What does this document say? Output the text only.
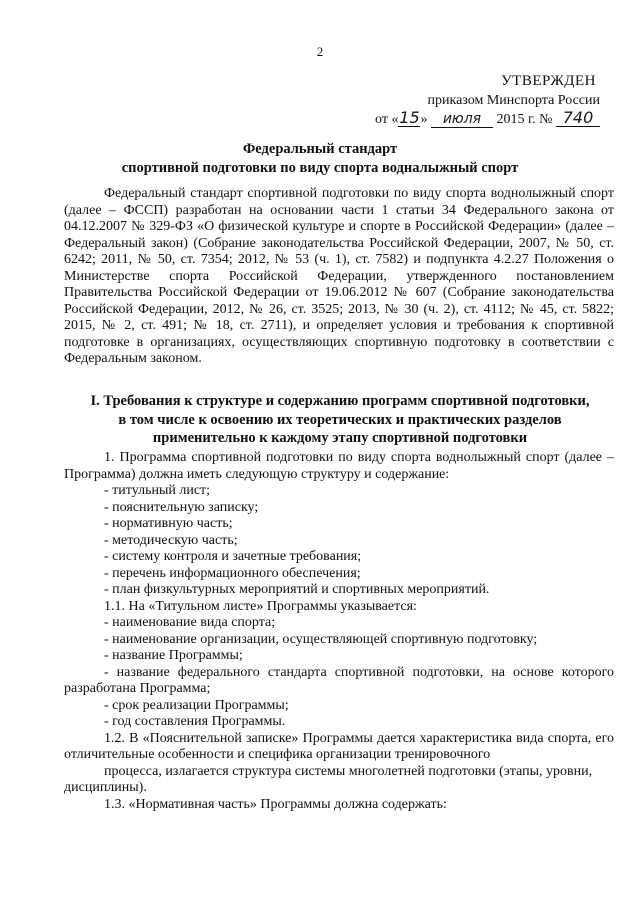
2
УТВЕРЖДЕН
приказом Минспорта России
от «15» июля 2015 г. № 740
Федеральный стандарт
спортивной подготовки по виду спорта водналыжный спорт
Федеральный стандарт спортивной подготовки по виду спорта воднолыжный спорт (далее – ФССП) разработан на основании части 1 статьи 34 Федерального закона от 04.12.2007 № 329-ФЗ «О физической культуре и спорте в Российской Федерации» (далее – Федеральный закон) (Собрание законодательства Российской Федерации, 2007, № 50, ст. 6242; 2011, № 50, ст. 7354; 2012, № 53 (ч. 1), ст. 7582) и подпункта 4.2.27 Положения о Министерстве спорта Российской Федерации, утвержденного постановлением Правительства Российской Федерации от 19.06.2012 № 607 (Собрание законодательства Российской Федерации, 2012, № 26, ст. 3525; 2013, № 30 (ч. 2), ст. 4112; № 45, ст. 5822; 2015, № 2, ст. 491; № 18, ст. 2711), и определяет условия и требования к спортивной подготовке в организациях, осуществляющих спортивную подготовку в соответствии с Федеральным законом.
I. Требования к структуре и содержанию программ спортивной подготовки,
в том числе к освоению их теоретических и практических разделов
применительно к каждому этапу спортивной подготовки
1. Программа спортивной подготовки по виду спорта воднолыжный спорт (далее – Программа) должна иметь следующую структуру и содержание:
- титульный лист;
- пояснительную записку;
- нормативную часть;
- методическую часть;
- систему контроля и зачетные требования;
- перечень информационного обеспечения;
- план физкультурных мероприятий и спортивных мероприятий.
1.1. На «Титульном листе» Программы указывается:
- наименование вида спорта;
- наименование организации, осуществляющей спортивную подготовку;
- название Программы;
- название федерального стандарта спортивной подготовки, на основе которого разработана Программа;
- срок реализации Программы;
- год составления Программы.
1.2. В «Пояснительной записке» Программы дается характеристика вида спорта, его отличительные особенности и специфика организации тренировочного
процесса, излагается структура системы многолетней подготовки (этапы, уровни, дисциплины).
1.3. «Нормативная часть» Программы должна содержать:
